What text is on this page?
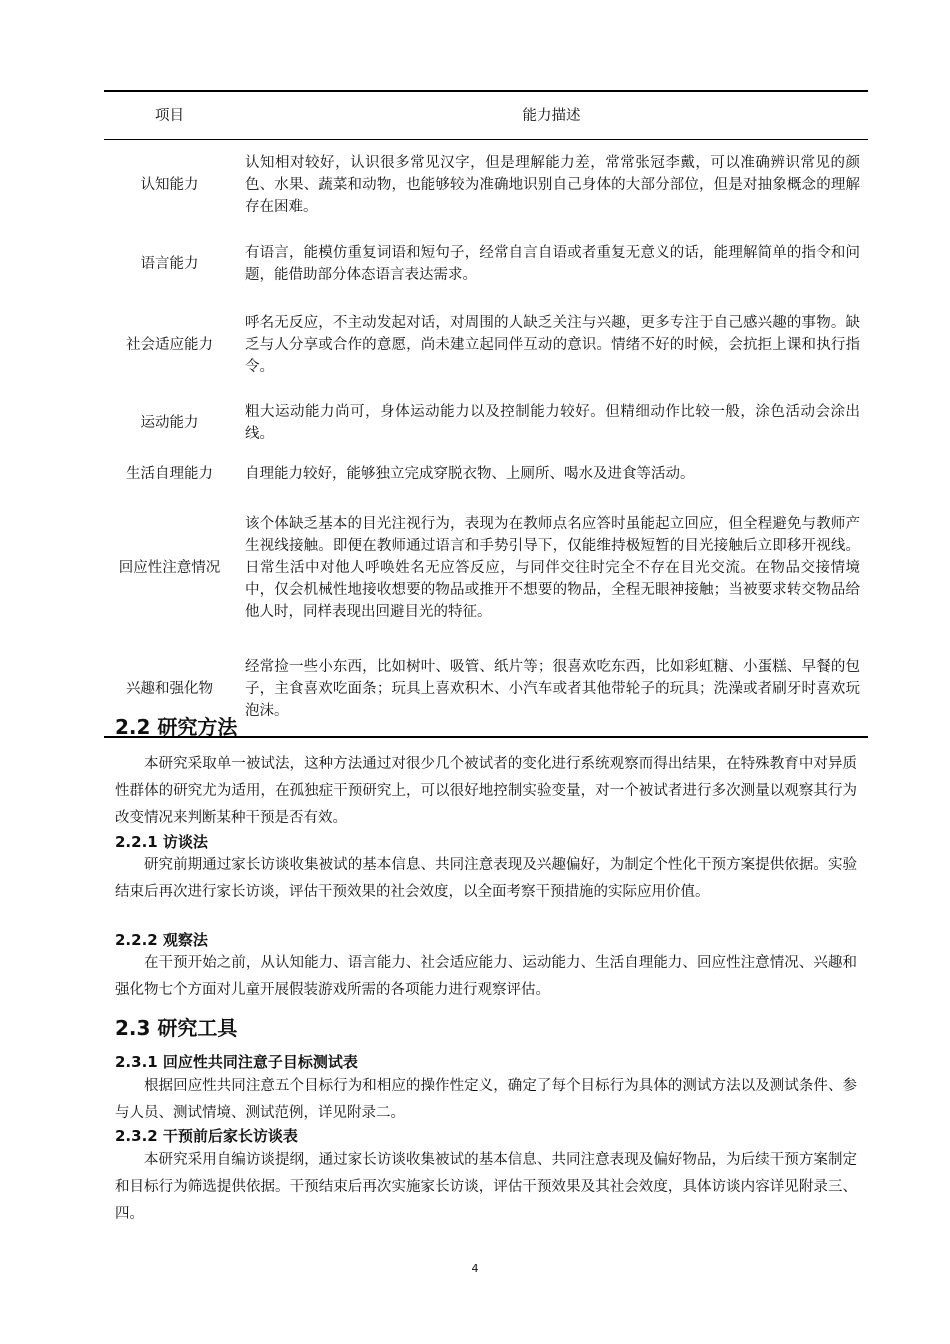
项目	能力描述
认知能力	认知相对较好，认识很多常见汉字，但是理解能力差，常常张冠李戴，可以准确辨识常见的颜色、水果、蔬菜和动物，也能够较为准确地识别自己身体的大部分部位，但是对抽象概念的理解存在困难。
语言能力	有语言，能模仿重复词语和短句子，经常自言自语或者重复无意义的话，能理解简单的指令和问题，能借助部分体态语言表达需求。
社会适应能力	呼名无反应，不主动发起对话，对周围的人缺乏关注与兴趣，更多专注于自己感兴趣的事物。缺乏与人分享或合作的意愿，尚未建立起同伴互动的意识。情绪不好的时候，会抗拒上课和执行指令。
运动能力	粗大运动能力尚可，身体运动能力以及控制能力较好。但精细动作比较一般，涂色活动会涂出线。
生活自理能力	自理能力较好，能够独立完成穿脱衣物、上厕所、喝水及进食等活动。
回应性注意情况	该个体缺乏基本的目光注视行为，表现为在教师点名应答时虽能起立回应，但全程避免与教师产生视线接触。即便在教师通过语言和手势引导下，仅能维持极短暂的目光接触后立即移开视线。日常生活中对他人呼唤姓名无应答反应，与同伴交往时完全不存在目光交流。在物品交接情境中，仅会机械性地接收想要的物品或推开不想要的物品，全程无眼神接触；当被要求转交物品给他人时，同样表现出回避目光的特征。
兴趣和强化物	经常捡一些小东西，比如树叶、吸管、纸片等；很喜欢吃东西，比如彩虹糖、小蛋糕、早餐的包子，主食喜欢吃面条；玩具上喜欢积木、小汽车或者其他带轮子的玩具；洗澡或者刷牙时喜欢玩泡沫。
2.2 研究方法
本研究采取单一被试法，这种方法通过对很少几个被试者的变化进行系统观察而得出结果，在特殊教育中对异质性群体的研究尤为适用，在孤独症干预研究上，可以很好地控制实验变量，对一个被试者进行多次测量以观察其行为改变情况来判断某种干预是否有效。
2.2.1 访谈法
研究前期通过家长访谈收集被试的基本信息、共同注意表现及兴趣偏好，为制定个性化干预方案提供依据。实验结束后再次进行家长访谈，评估干预效果的社会效度，以全面考察干预措施的实际应用价值。
2.2.2 观察法
在干预开始之前，从认知能力、语言能力、社会适应能力、运动能力、生活自理能力、回应性注意情况、兴趣和强化物七个方面对儿童开展假装游戏所需的各项能力进行观察评估。
2.3 研究工具
2.3.1 回应性共同注意子目标测试表
根据回应性共同注意五个目标行为和相应的操作性定义，确定了每个目标行为具体的测试方法以及测试条件、参与人员、测试情境、测试范例，详见附录二。
2.3.2 干预前后家长访谈表
本研究采用自编访谈提纲，通过家长访谈收集被试的基本信息、共同注意表现及偏好物品，为后续干预方案制定和目标行为筛选提供依据。干预结束后再次实施家长访谈，评估干预效果及其社会效度，具体访谈内容详见附录三、四。
4
